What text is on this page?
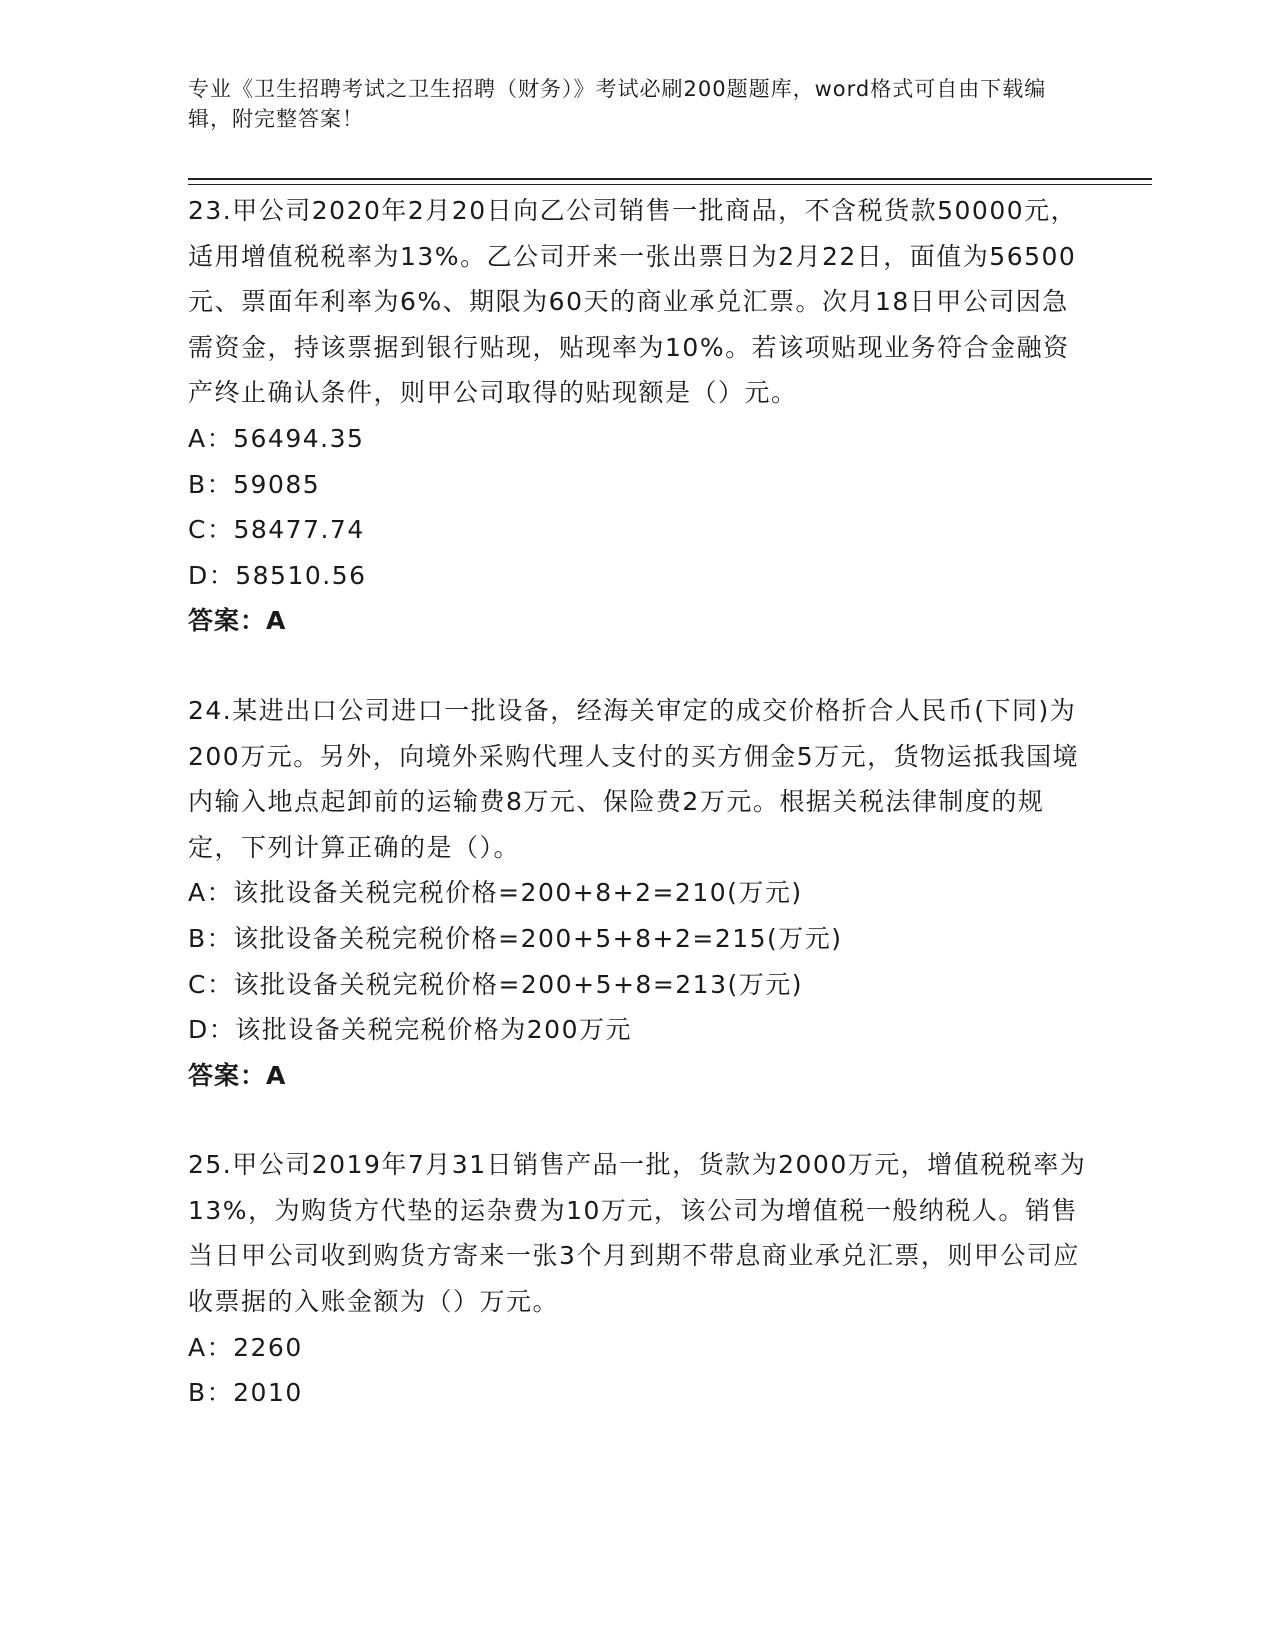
专业《卫生招聘考试之卫生招聘（财务）》考试必刷200题题库，word格式可自由下载编辑，附完整答案！

23.甲公司2020年2月20日向乙公司销售一批商品，不含税货款50000元，适用增值税税率为13%。乙公司开来一张出票日为2月22日，面值为56500元、票面年利率为6%、期限为60天的商业承兑汇票。次月18日甲公司因急需资金，持该票据到银行贴现，贴现率为10%。若该项贴现业务符合金融资产终止确认条件，则甲公司取得的贴现额是（）元。

A：56494.35

B：59085

C：58477.74

D：58510.56

答案：A

24.某进出口公司进口一批设备，经海关审定的成交价格折合人民币(下同)为200万元。另外，向境外采购代理人支付的买方佣金5万元，货物运抵我国境内输入地点起卸前的运输费8万元、保险费2万元。根据关税法律制度的规定，下列计算正确的是（）。

A：该批设备关税完税价格=200+8+2=210(万元)

B：该批设备关税完税价格=200+5+8+2=215(万元)

C：该批设备关税完税价格=200+5+8=213(万元)

D：该批设备关税完税价格为200万元

答案：A

25.甲公司2019年7月31日销售产品一批，货款为2000万元，增值税税率为13%，为购货方代垫的运杂费为10万元，该公司为增值税一般纳税人。销售当日甲公司收到购货方寄来一张3个月到期不带息商业承兑汇票，则甲公司应收票据的入账金额为（）万元。

A：2260

B：2010
